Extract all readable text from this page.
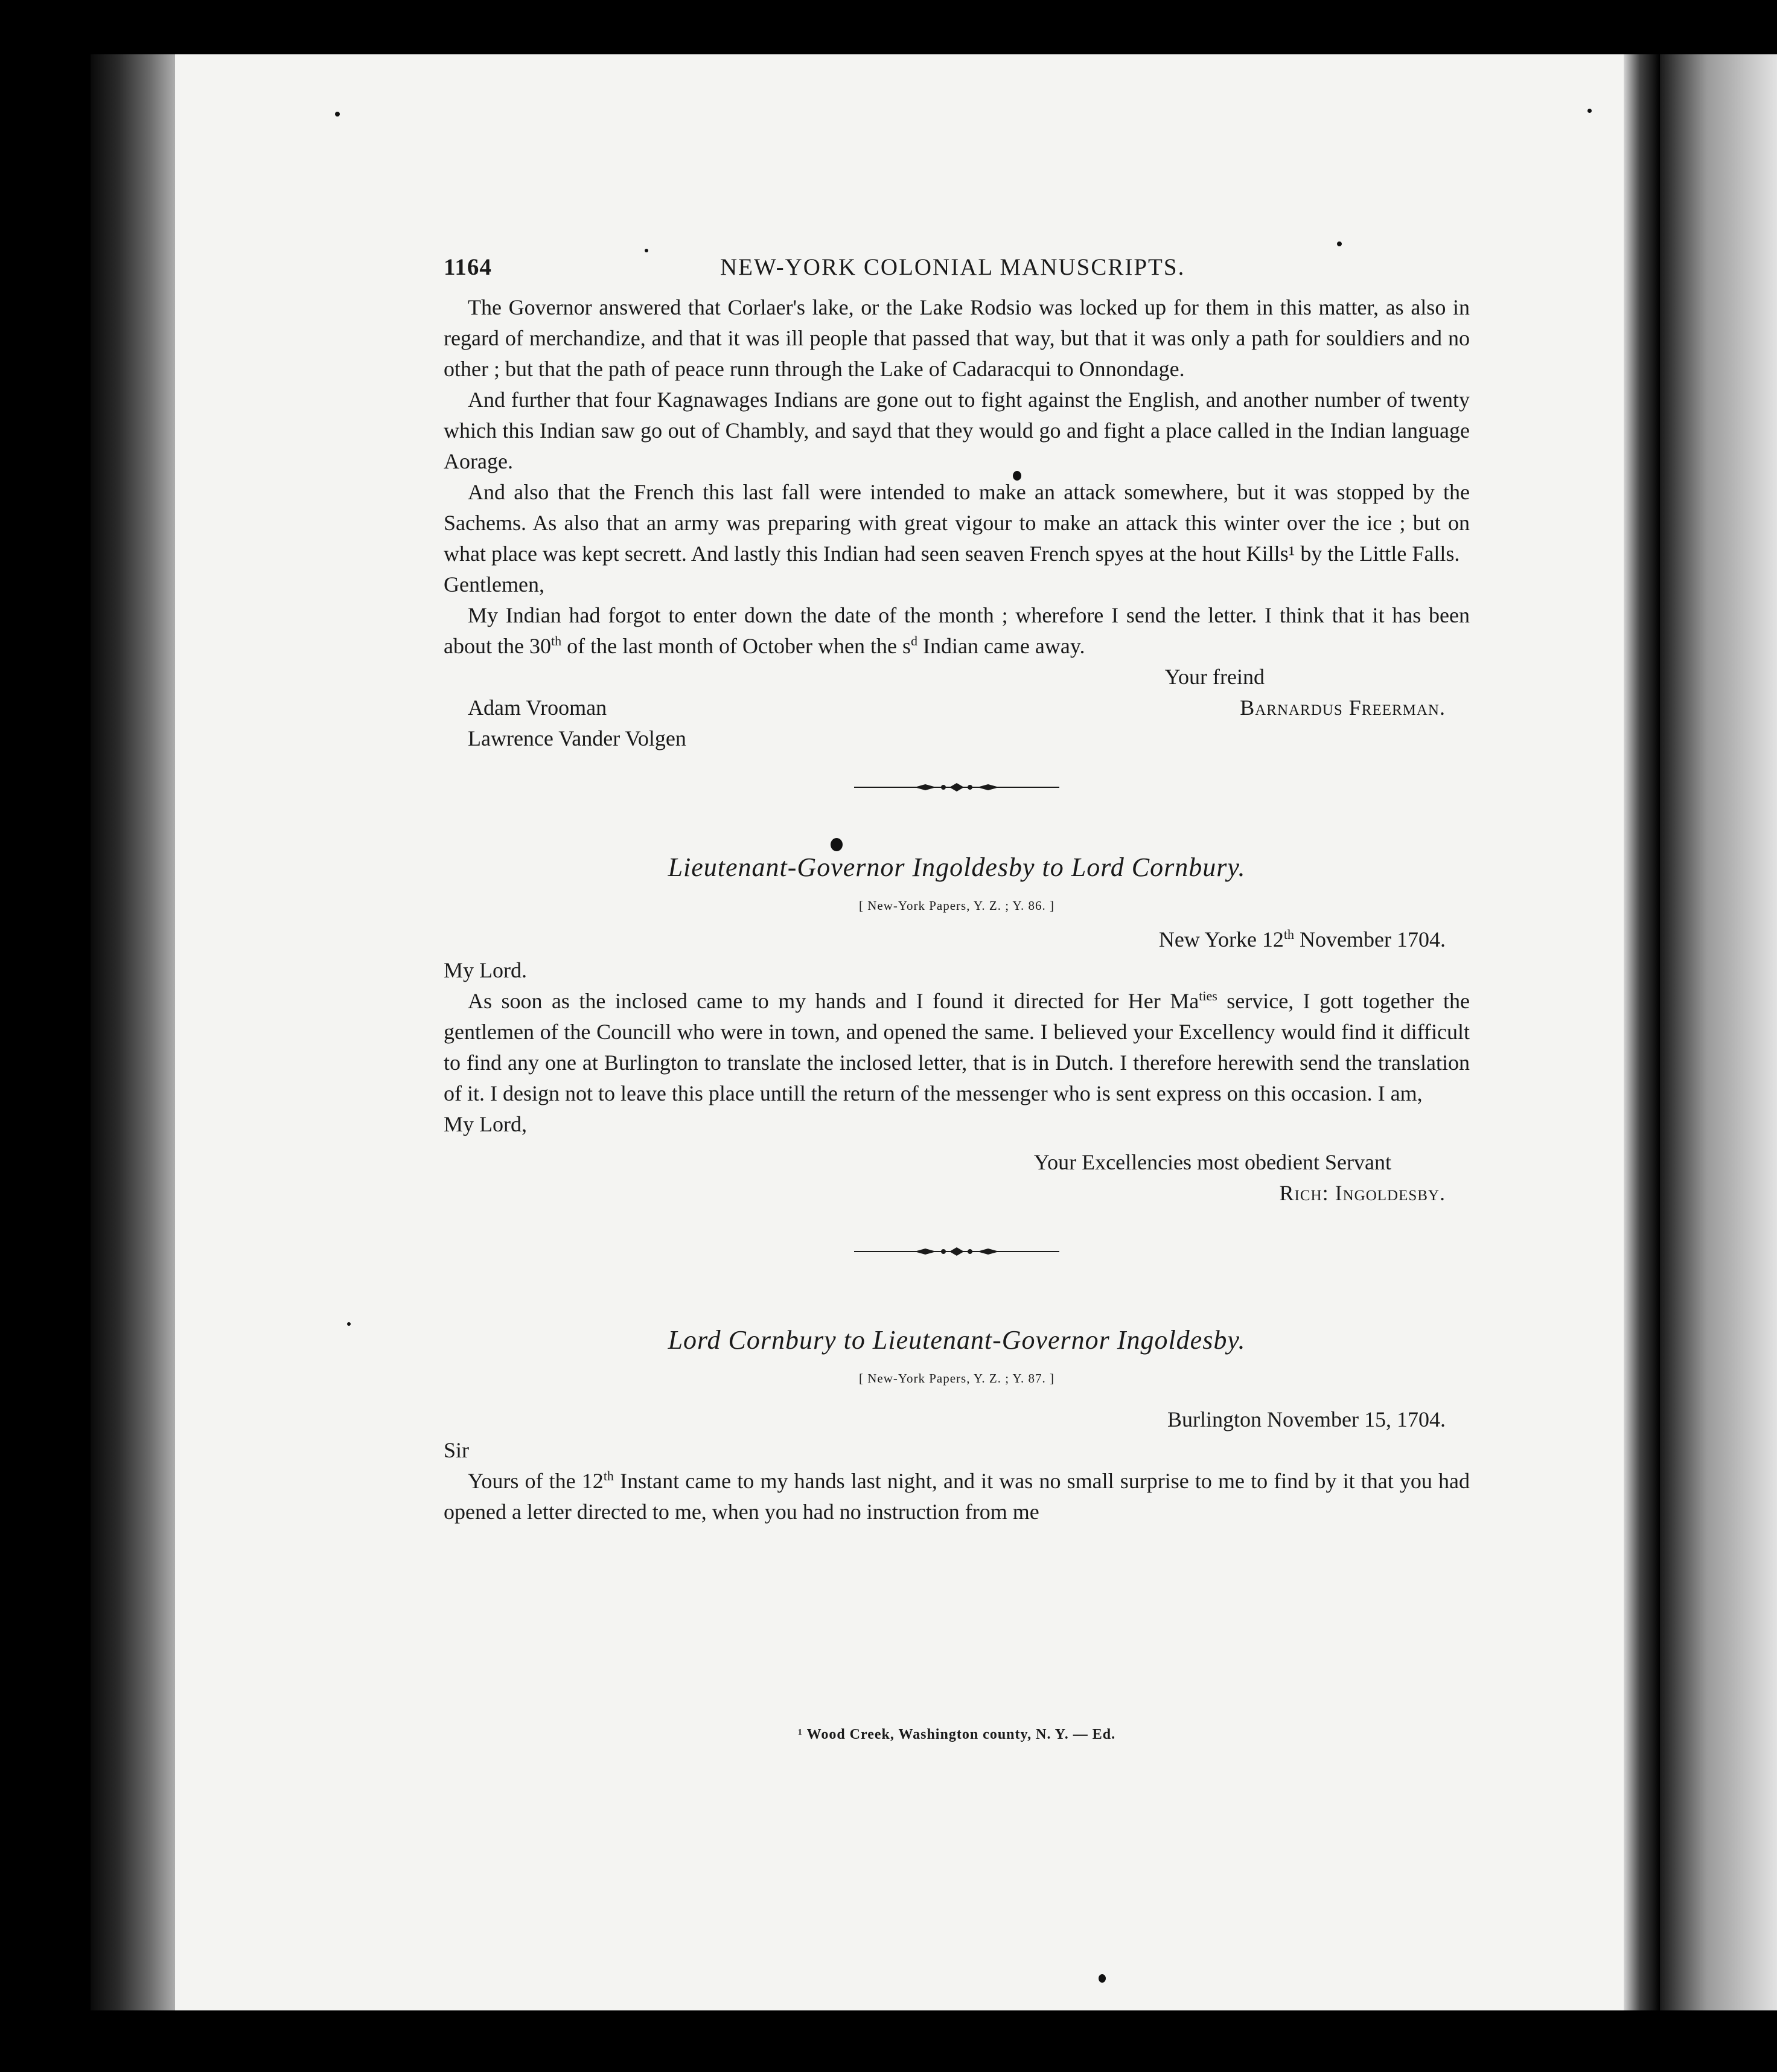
1164	NEW-YORK COLONIAL MANUSCRIPTS.

The Governor answered that Corlaer's lake, or the Lake Rodsio was locked up for them in this matter, as also in regard of merchandize, and that it was ill people that passed that way, but that it was only a path for souldiers and no other ; but that the path of peace runn through the Lake of Cadaracqui to Onnondage.

And further that four Kagnawages Indians are gone out to fight against the English, and another number of twenty which this Indian saw go out of Chambly, and sayd that they would go and fight a place called in the Indian language Aorage.

And also that the French this last fall were intended to make an attack somewhere, but it was stopped by the Sachems. As also that an army was preparing with great vigour to make an attack this winter over the ice ; but on what place was kept secrett. And lastly this Indian had seen seaven French spyes at the hout Kills¹ by the Little Falls.

Gentlemen,

My Indian had forgot to enter down the date of the month ; wherefore I send the letter. I think that it has been about the 30th of the last month of October when the $s^d$ Indian came away.

Your freind
Adam Vrooman
Lawrence Vander Volgen
Barnardus Freerman.
Lieutenant-Governor Ingoldesby to Lord Cornbury.
[ New-York Papers, Y. Z. ; Y. 86. ]
New Yorke 12th November 1704.
My Lord.

As soon as the inclosed came to my hands and I found it directed for Her $Ma^{ties}$ service, I gott together the gentlemen of the Councill who were in town, and opened the same. I believed your Excellency would find it difficult to find any one at Burlington to translate the inclosed letter, that is in Dutch. I therefore herewith send the translation of it. I design not to leave this place untill the return of the messenger who is sent express on this occasion. I am,

My Lord,
Your Excellencies most obedient Servant
Rich: Ingoldesby.
Lord Cornbury to Lieutenant-Governor Ingoldesby.
[ New-York Papers, Y. Z. ; Y. 87. ]
Burlington November 15, 1704.
Sir

Yours of the 12th Instant came to my hands last night, and it was no small surprise to me to find by it that you had opened a letter directed to me, when you had no instruction from me

¹ Wood Creek, Washington county, N. Y. — Ed.
